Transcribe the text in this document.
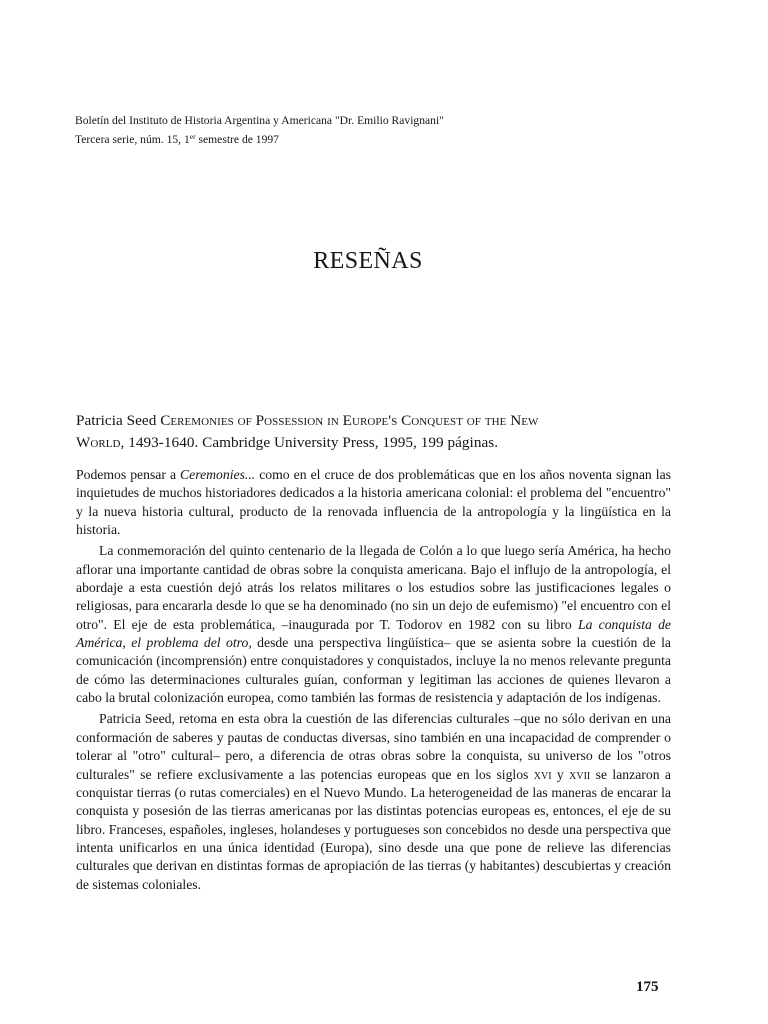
Boletín del Instituto de Historia Argentina y Americana "Dr. Emilio Ravignani"
Tercera serie, núm. 15, 1er semestre de 1997
RESEÑAS
Patricia Seed Ceremonies of Possession in Europe's Conquest of the New
World, 1493-1640. Cambridge University Press, 1995, 199 páginas.

Podemos pensar a Ceremonies... como en el cruce de dos problemáticas que en los años noventa signan las inquietudes de muchos historiadores dedicados a la historia americana colonial: el problema del "encuentro" y la nueva historia cultural, producto de la renovada influencia de la antropología y la lingüística en la historia.

La conmemoración del quinto centenario de la llegada de Colón a lo que luego sería América, ha hecho aflorar una importante cantidad de obras sobre la conquista americana. Bajo el influjo de la antropología, el abordaje a esta cuestión dejó atrás los relatos militares o los estudios sobre las justificaciones legales o religiosas, para encararla desde lo que se ha denominado (no sin un dejo de eufemismo) "el encuentro con el otro". El eje de esta problemática, –inaugurada por T. Todorov en 1982 con su libro La conquista de América, el problema del otro, desde una perspectiva lingüística– que se asienta sobre la cuestión de la comunicación (incomprensión) entre conquistadores y conquistados, incluye la no menos relevante pregunta de cómo las determinaciones culturales guían, conforman y legitiman las acciones de quienes llevaron a cabo la brutal colonización europea, como también las formas de resistencia y adaptación de los indígenas.

Patricia Seed, retoma en esta obra la cuestión de las diferencias culturales –que no sólo derivan en una conformación de saberes y pautas de conductas diversas, sino también en una incapacidad de comprender o tolerar al "otro" cultural– pero, a diferencia de otras obras sobre la conquista, su universo de los "otros culturales" se refiere exclusivamente a las potencias europeas que en los siglos xvi y xvii se lanzaron a conquistar tierras (o rutas comerciales) en el Nuevo Mundo. La heterogeneidad de las maneras de encarar la conquista y posesión de las tierras americanas por las distintas potencias europeas es, entonces, el eje de su libro. Franceses, españoles, ingleses, holandeses y portugueses son concebidos no desde una perspectiva que intenta unificarlos en una única identidad (Europa), sino desde una que pone de relieve las diferencias culturales que derivan en distintas formas de apropiación de las tierras (y habitantes) descubiertas y creación de sistemas coloniales.

175
